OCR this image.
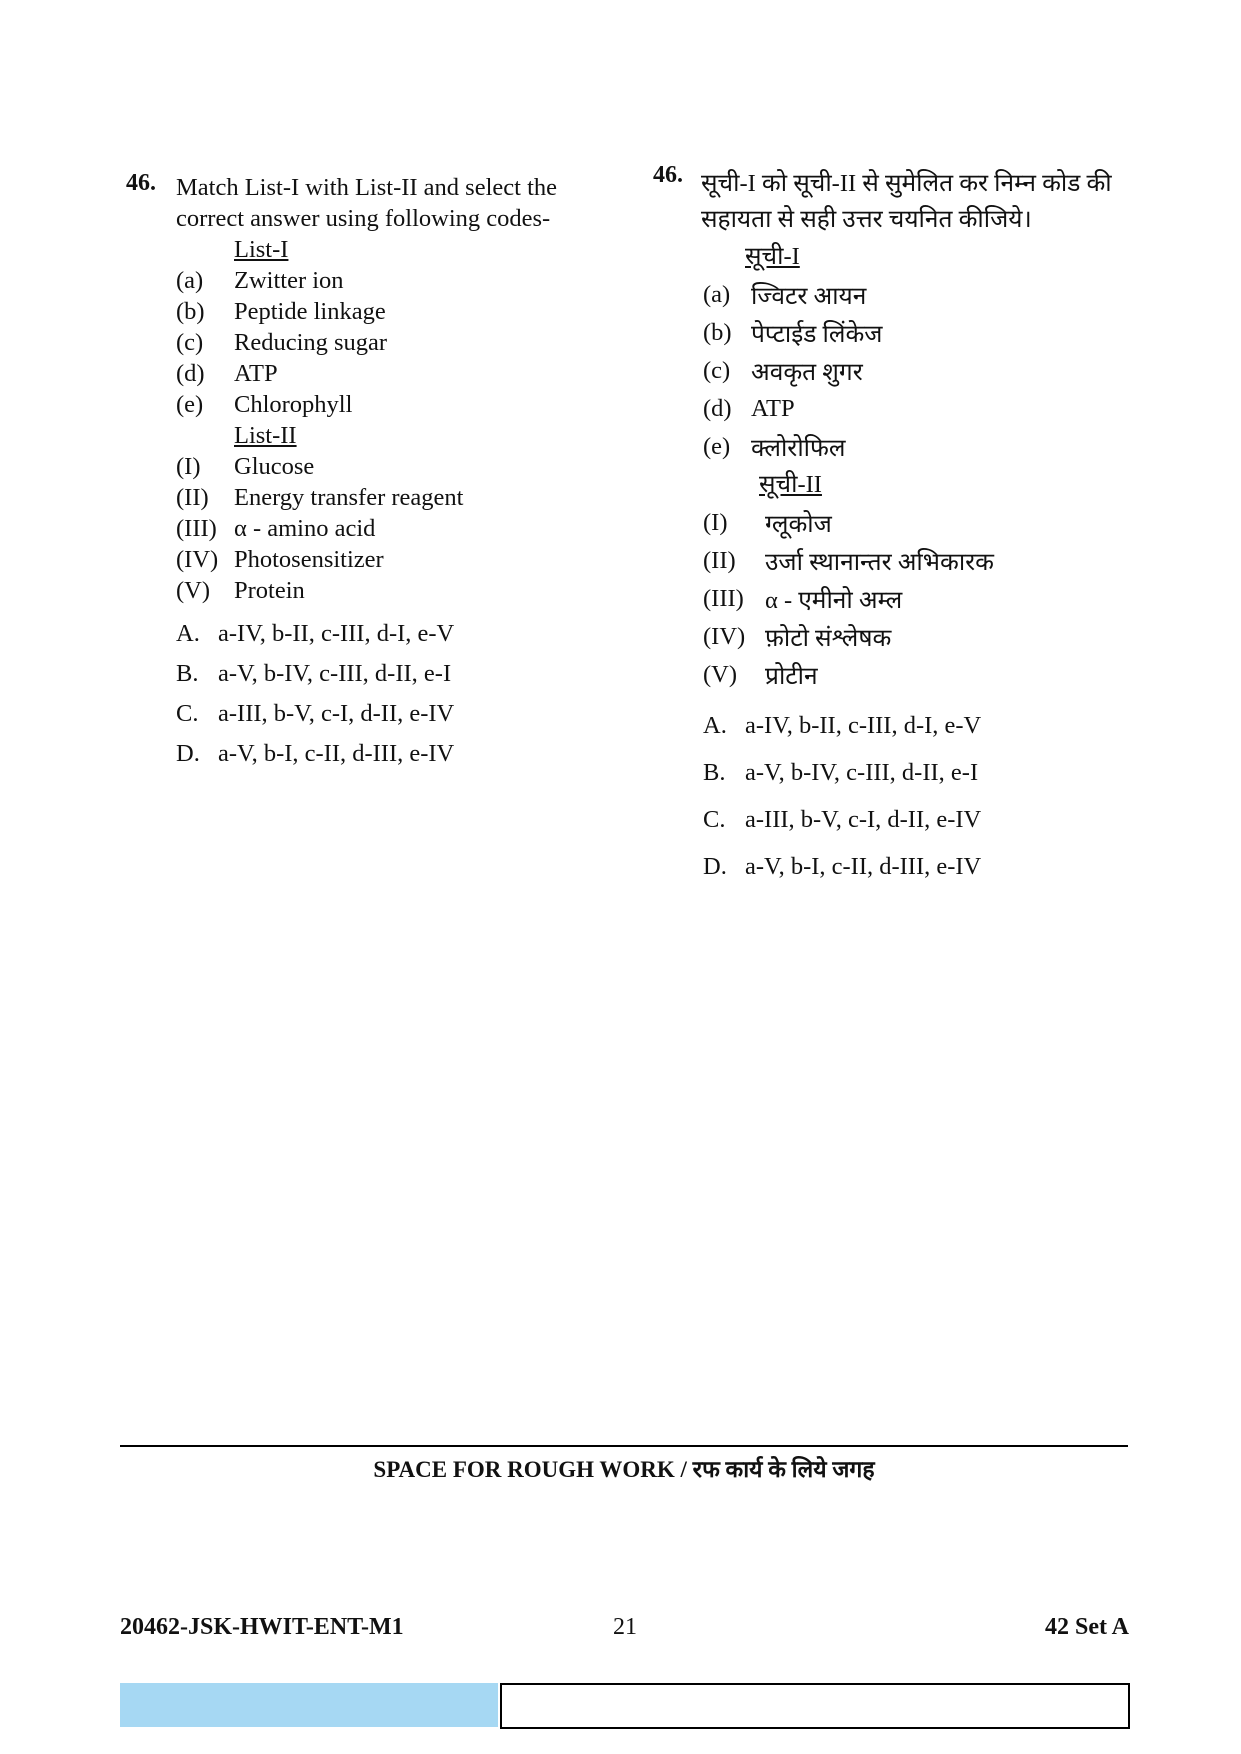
46. Match List-I with List-II and select the correct answer using following codes-
List-I
(a)	Zwitter ion
(b)	Peptide linkage
(c)	Reducing sugar
(d)	ATP
(e)	Chlorophyll
List-II
(I)	Glucose
(II)	Energy transfer reagent
(III) α - amino acid
(IV) Photosensitizer
(V) Protein
A. a-IV, b-II, c-III, d-I, e-V
B. a-V, b-IV, c-III, d-II, e-I
C. a-III, b-V, c-I, d-II, e-IV
D. a-V, b-I, c-II, d-III, e-IV
46. सूची-I को सूची-II से सुमेलित कर निम्न कोड की सहायता से सही उत्तर चयनित कीजिये।
सूची-I
(a) ज्विटर आयन
(b) पेप्टाईड लिंकेज
(c) अवकृत शुगर
(d) ATP
(e) क्लोरोफिल
सूची-II
(I)	ग्लूकोज
(II)	उर्जा स्थानान्तर अभिकारक
(III) α - एमीनो अम्ल
(IV) फ़ोटो संश्लेषक
(V)	प्रोटीन
A. a-IV, b-II, c-III, d-I, e-V
B. a-V, b-IV, c-III, d-II, e-I
C. a-III, b-V, c-I, d-II, e-IV
D. a-V, b-I, c-II, d-III, e-IV
SPACE FOR ROUGH WORK / रफ कार्य के लिये जगह
20462-JSK-HWIT-ENT-M1	21	42 Set A
